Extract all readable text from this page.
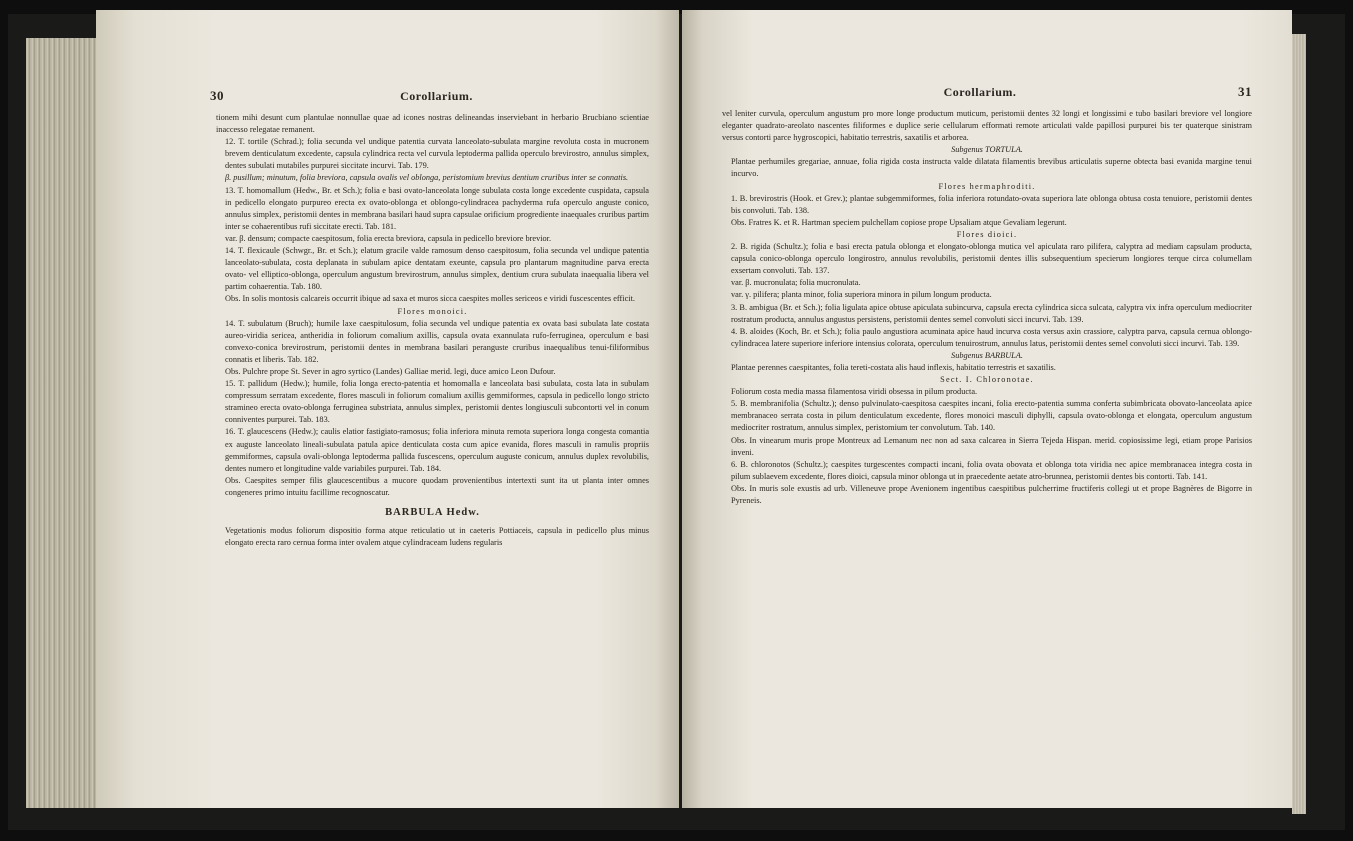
30	Corollarium.

tionem mihi desunt cum plantulae nonnullae quae ad icones nostras delineandas inserviebant in herbario Brucbiano scientiae inaccesso relegatae remanent.

12. T. tortile (Schrad.); folia secunda vel undique patentia curvata lanceolato-subulata margine revoluta costa in mucronem brevem denticulatum excedente, capsula cylindrica recta vel curvula leptoderma pallida operculo brevirostro, annulus simplex, dentes subulati mutabiles purpurei siccitate incurvi. Tab. 179.

β. pusillum; minutum, folia breviora, capsula ovalis vel oblonga, peristomium brevius dentium cruribus inter se connatis.

13. T. homomallum (Hedw., Br. et Sch.); folia e basi ovato-lanceolata longe subulata costa longe excedente cuspidata, capsula in pedicello elongato purpureo erecta ex ovato-oblonga et oblongo-cylindracea pachyderma rufa operculo anguste conico, annulus simplex, peristomii dentes in membrana basilari haud supra capsulae orificium progrediente inaequales cruribus partim inter se cohaerentibus rufi siccitate erecti. Tab. 181.

var. β. densum; compacte caespitosum, folia erecta breviora, capsula in pedicello breviore brevior.

14. T. flexicaule (Schwgr., Br. et Sch.); elatum gracile valde ramosum denso caespitosum, folia secunda vel undique patentia lanceolato-subulata, costa deplanata in subulam apice dentatam exeunte, capsula pro plantarum magnitudine parva erecta ovato- vel elliptico-oblonga, operculum angustum brevirostrum, annulus simplex, dentium crura subulata inaequalia libera vel partim cohaerentia. Tab. 180.

Obs. In solis montosis calcareis occurrit ibique ad saxa et muros sicca caespites molles sericeos e viridi fuscescentes efficit.

Flores monoici.

14. T. subulatum (Bruch); humile laxe caespitulosum, folia secunda vel undique patentia ex ovata basi subulata late costata aureo-viridia sericea, antheridia in foliorum comalium axillis, capsula ovata exannulata rufo-ferruginea, operculum e basi convexo-conica brevirostrum, peristomii dentes in membrana basilari peranguste cruribus inaequalibus tenui-filiformibus connatis et liberis. Tab. 182.

Obs. Pulchre prope St. Sever in agro syrtico (Landes) Galliae merid. legi, duce amico Leon Dufour.

15. T. pallidum (Hedw.); humile, folia longa erecto-patentia et homomalla e lanceolata basi subulata, costa lata in subulam compressum serratam excedente, flores masculi in foliorum comalium axillis gemmiformes, capsula in pedicello longo stricto stramineo erecta ovato-oblonga ferruginea substriata, annulus simplex, peristomii dentes longiusculi subcontorti vel in conum conniventes purpurei. Tab. 183.

16. T. glaucescens (Hedw.); caulis elatior fastigiato-ramosus; folia inferiora minuta remota superiora longa congesta comantia ex auguste lanceolato lineali-subulata patula apice denticulata costa cum apice evanida, flores masculi in ramulis propriis gemmiformes, capsula ovali-oblonga leptoderma pallida fuscescens, operculum auguste conicum, annulus duplex revolubilis, dentes numero et longitudine valde variabiles purpurei. Tab. 184.

Obs. Caespites semper filis glaucescentibus a mucore quodam provenientibus intertexti sunt ita ut planta inter omnes congeneres primo intuitu facillime recognoscatur.

BARBULA Hedw.

Vegetationis modus foliorum dispositio forma atque reticulatio ut in caeteris Pottiaceis, capsula in pedicello plus minus elongato erecta raro cernua forma inter ovalem atque cylindraceam ludens regularis

Corollarium.	31

vel leniter curvula, operculum angustum pro more longe productum muticum, peristomii dentes 32 longi et longissimi e tubo basilari breviore vel longiore eleganter quadrato-areolato nascentes filiformes e duplice serie cellularum efformati remote articulati valde papillosi purpurei bis ter quaterque sinistram versus contorti parce hygroscopici, habitatio terrestris, saxatilis et arborea.

Subgenus TORTULA.

Plantae perhumiles gregariae, annuae, folia rigida costa instructa valde dilatata filamentis brevibus articulatis superne obtecta basi evanida margine tenui incurvo.

Flores hermaphroditi.

1. B. brevirostris (Hook. et Grev.); plantae subgemmiformes, folia inferiora rotundato-ovata superiora late oblonga obtusa costa tenuiore, peristomii dentes bis convoluti. Tab. 138.

Obs. Fratres K. et R. Hartman speciem pulchellam copiose prope Upsaliam atque Gevaliam legerunt.

Flores dioici.

2. B. rigida (Schultz.); folia e basi erecta patula oblonga et elongato-oblonga mutica vel apiculata raro pilifera, calyptra ad mediam capsulam producta, capsula conico-oblonga operculo longirostro, annulus revolubilis, peristomii dentes illis subsequentium specierum longiores terque circa columellam exsertam convoluti. Tab. 137.

var. β. mucronulata; folia mucronulata.

var. γ. pilifera; planta minor, folia superiora minora in pilum longum producta.

3. B. ambigua (Br. et Sch.); folia ligulata apice obtuse apiculata subincurva, capsula erecta cylindrica sicca sulcata, calyptra vix infra operculum mediocriter rostratum producta, annulus angustus persistens, peristomii dentes semel convoluti sicci incurvi. Tab. 139.

4. B. aloides (Koch, Br. et Sch.); folia paulo angustiora acuminata apice haud incurva costa versus axin crassiore, calyptra parva, capsula cernua oblongo-cylindracea latere superiore inferiore intensius colorata, operculum tenuirostrum, annulus latus, peristomii dentes semel convoluti sicci incurvi. Tab. 139.

Subgenus BARBULA.

Plantae perennes caespitantes, folia tereti-costata alis haud inflexis, habitatio terrestris et saxatilis.

Sect. I. Chloronotae.

Foliorum costa media massa filamentosa viridi obsessa in pilum producta.

5. B. membranifolia (Schultz.); denso pulvinulato-caespitosa caespites incani, folia erecto-patentia summa conferta subimbricata obovato-lanceolata apice membranaceo serrata costa in pilum denticulatum excedente, flores monoici masculi diphylli, capsula ovato-oblonga et elongata, operculum angustum mediocriter rostratum, annulus simplex, peristomium ter convolutum. Tab. 140.

Obs. In vinearum muris prope Montreux ad Lemanum nec non ad saxa calcarea in Sierra Tejeda Hispan. merid. copiosissime legi, etiam prope Parisios inveni.

6. B. chloronotos (Schultz.); caespites turgescentes compacti incani, folia ovata obovata et oblonga tota viridia nec apice membranacea integra costa in pilum sublaevem excedente, flores dioici, capsula minor oblonga ut in praecedente aetate atro-brunnea, peristomii dentes bis contorti. Tab. 141.

Obs. In muris sole exustis ad urb. Villeneuve prope Avenionem ingentibus caespitibus pulcherrime fructiferis collegi ut et prope Bagnères de Bigorre in Pyreneis.
